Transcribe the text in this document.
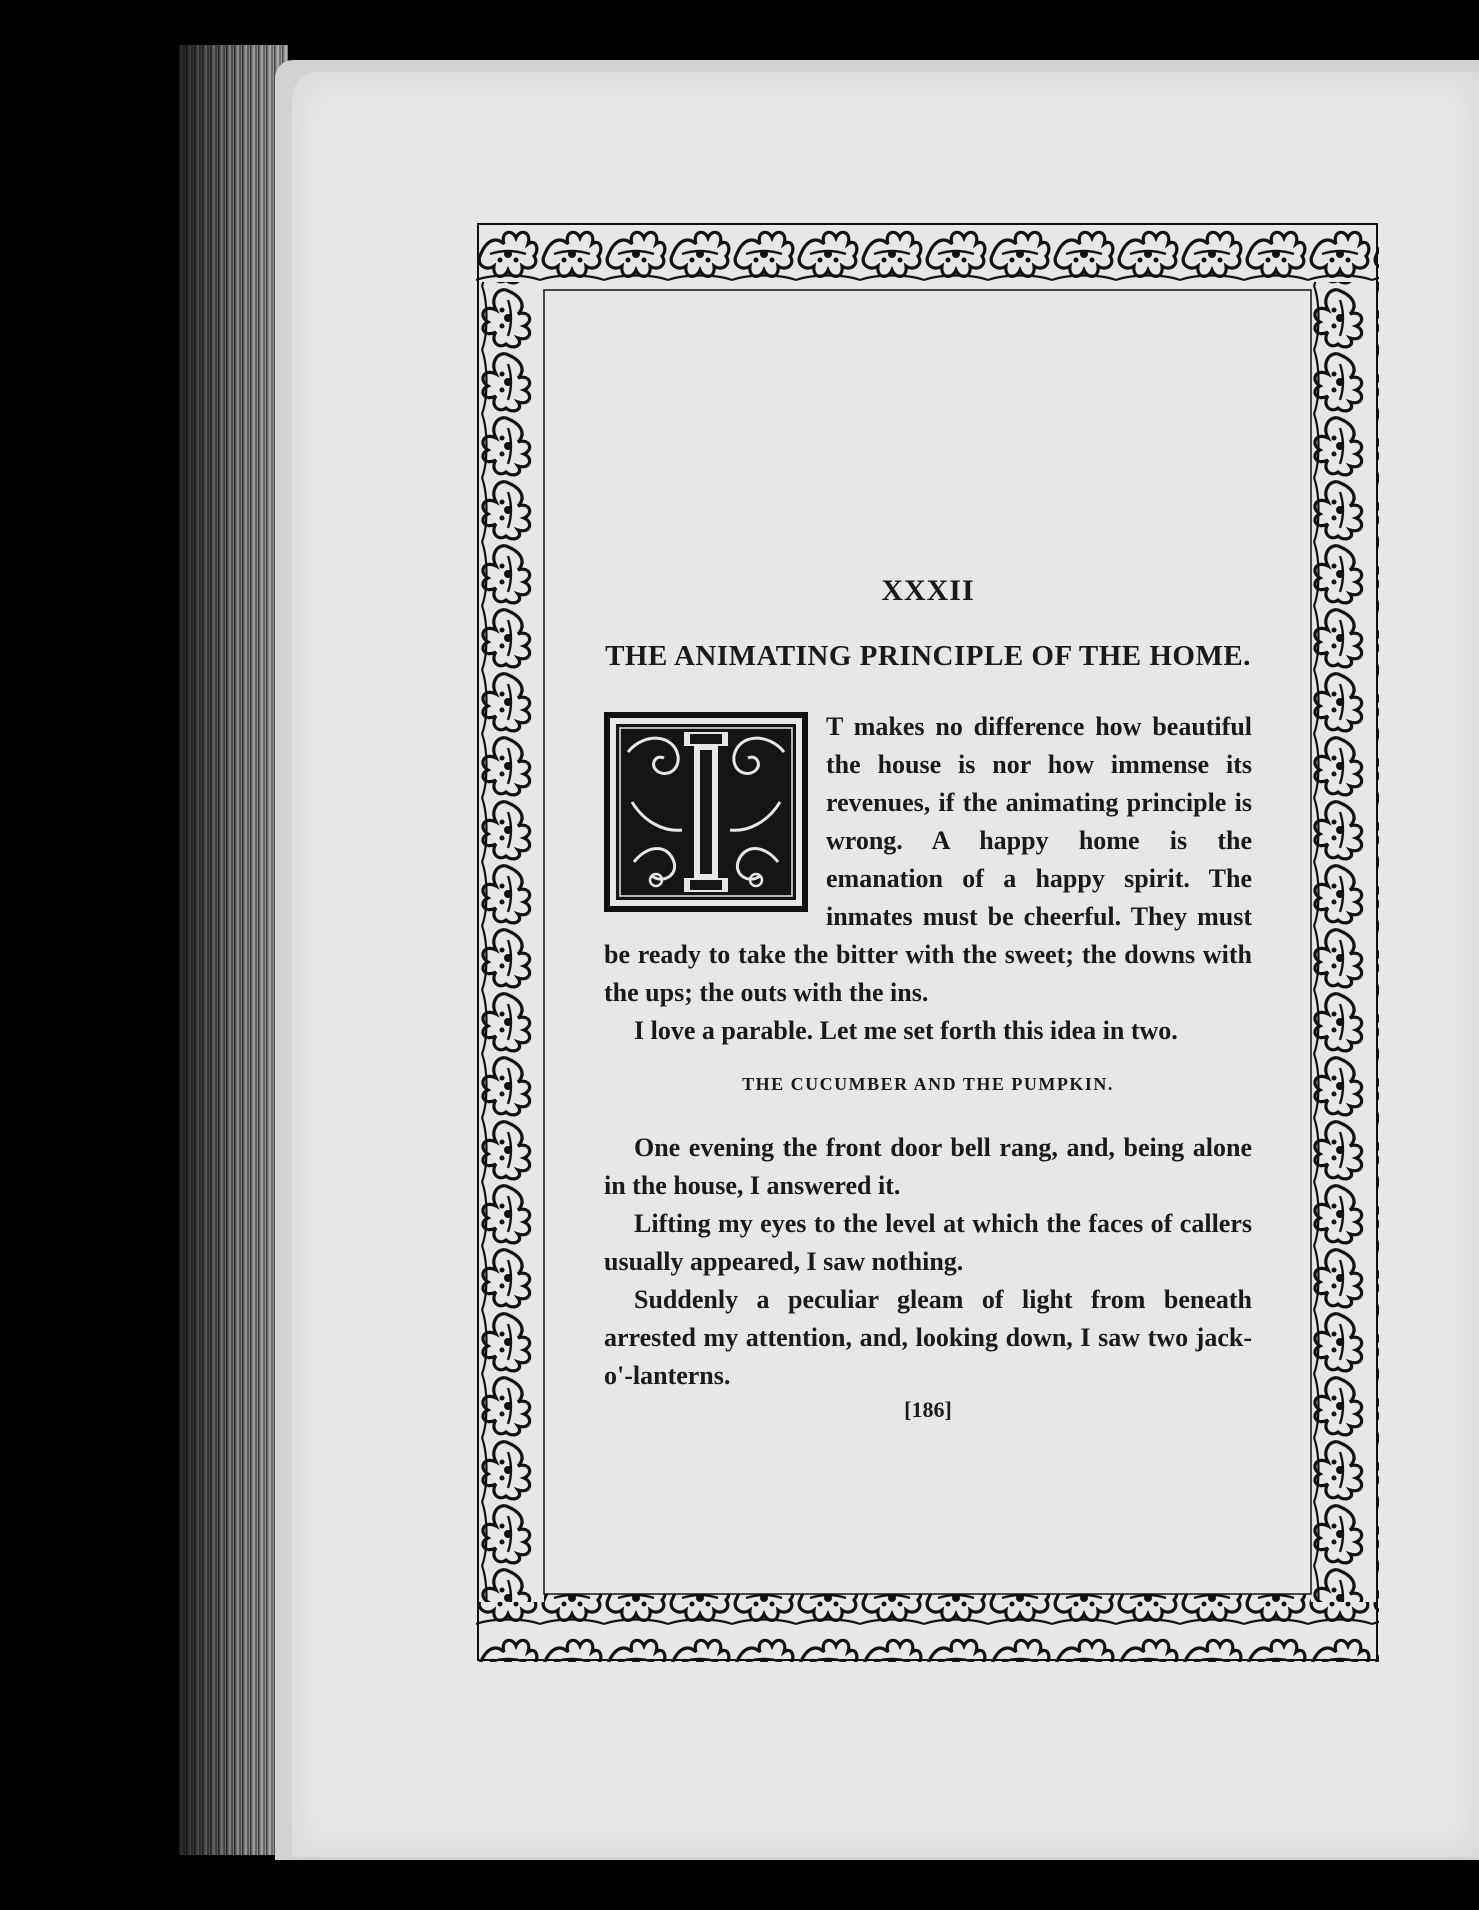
XXXII

THE ANIMATING PRINCIPLE OF THE HOME.

T makes no difference how beautiful the house is nor how immense its revenues, if the animating principle is wrong. A happy home is the emanation of a happy spirit. The inmates must be cheerful. They must be ready to take the bitter with the sweet; the downs with the ups; the outs with the ins.

I love a parable. Let me set forth this idea in two.

THE CUCUMBER AND THE PUMPKIN.

One evening the front door bell rang, and, being alone in the house, I answered it.

Lifting my eyes to the level at which the faces of callers usually appeared, I saw nothing.

Suddenly a peculiar gleam of light from beneath arrested my attention, and, looking down, I saw two jack-o'-lanterns.

[186]
